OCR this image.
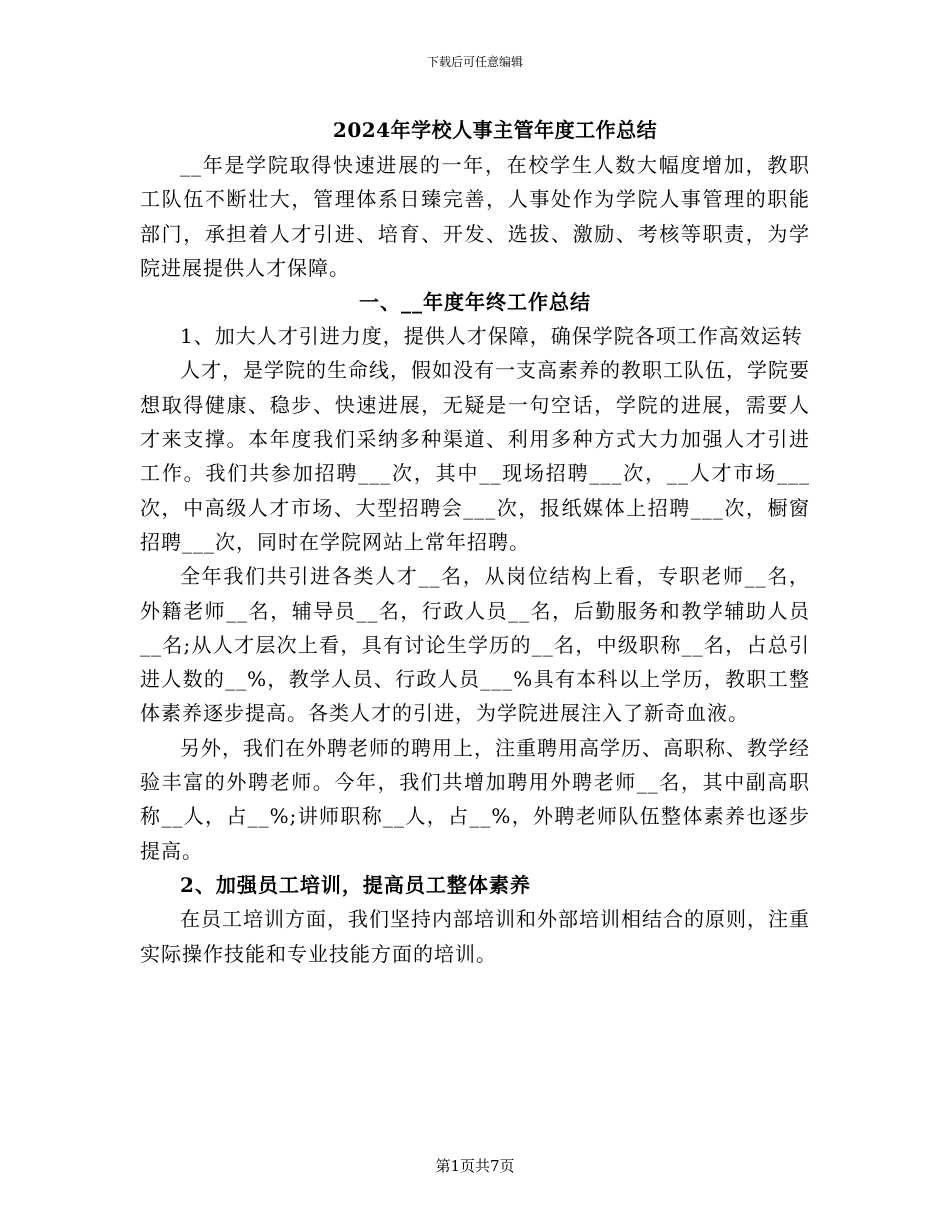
下载后可任意编辑
2024年学校人事主管年度工作总结

__年是学院取得快速进展的一年，在校学生人数大幅度增加，教职工队伍不断壮大，管理体系日臻完善，人事处作为学院人事管理的职能部门，承担着人才引进、培育、开发、选拔、激励、考核等职责，为学院进展提供人才保障。

一、__年度年终工作总结

1、加大人才引进力度，提供人才保障，确保学院各项工作高效运转

人才，是学院的生命线，假如没有一支高素养的教职工队伍，学院要想取得健康、稳步、快速进展，无疑是一句空话，学院的进展，需要人才来支撑。本年度我们采纳多种渠道、利用多种方式大力加强人才引进工作。我们共参加招聘___次，其中__现场招聘___次，__人才市场___次，中高级人才市场、大型招聘会___次，报纸媒体上招聘___次，橱窗招聘___次，同时在学院网站上常年招聘。

全年我们共引进各类人才__名，从岗位结构上看，专职老师__名，外籍老师__名，辅导员__名，行政人员__名，后勤服务和教学辅助人员__名;从人才层次上看，具有讨论生学历的__名，中级职称__名，占总引进人数的__%，教学人员、行政人员___%具有本科以上学历，教职工整体素养逐步提高。各类人才的引进，为学院进展注入了新奇血液。

另外，我们在外聘老师的聘用上，注重聘用高学历、高职称、教学经验丰富的外聘老师。今年，我们共增加聘用外聘老师__名，其中副高职称__人，占__%;讲师职称__人，占__%，外聘老师队伍整体素养也逐步提高。

2、加强员工培训，提高员工整体素养

在员工培训方面，我们坚持内部培训和外部培训相结合的原则，注重实际操作技能和专业技能方面的培训。

第1页共7页
